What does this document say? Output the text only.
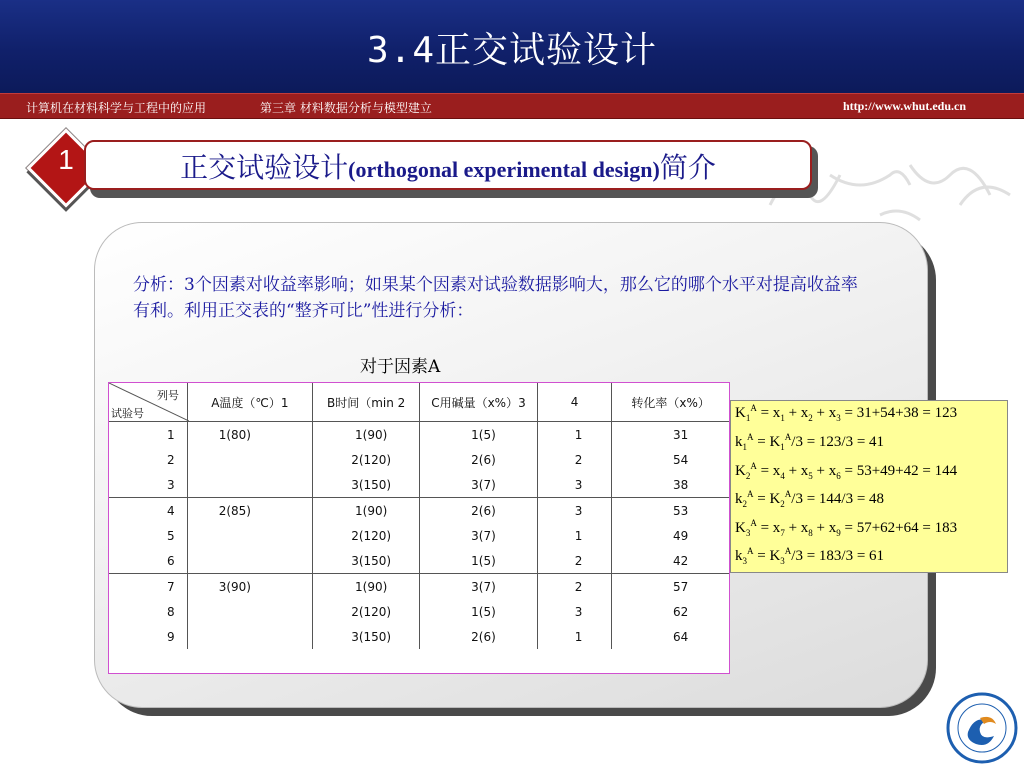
3.4正交试验设计
计算机在材料科学与工程中的应用	第三章 材料数据分析与模型建立	http://www.whut.edu.cn
1	正交试验设计(orthogonal experimental design)简介
分析：3个因素对收益率影响；如果某个因素对试验数据影响大，那么它的哪个水平对提高收益率有利。利用正交表的“整齐可比”性进行分析：
对于因素A
列号
试验号	A温度（℃）1	B时间（min 2	C用碱量（x%）3	4	转化率（x%）
1	1(80)	1(90)	1(5)	1	31
2		2(120)	2(6)	2	54
3		3(150)	3(7)	3	38
4	2(85)	1(90)	2(6)	3	53
5		2(120)	3(7)	1	49
6		3(150)	1(5)	2	42
7	3(90)	1(90)	3(7)	2	57
8		2(120)	1(5)	3	62
9		3(150)	2(6)	1	64
$K_1^A = x_1 + x_2 + x_3 = 31+54+38 = 123$
$k_1^A = K_1^A/3 = 123/3 = 41$
$K_2^A = x_4 + x_5 + x_6 = 53+49+42 = 144$
$k_2^A = K_2^A/3 = 144/3 = 48$
$K_3^A = x_7 + x_8 + x_9 = 57+62+64 = 183$
$k_3^A = K_3^A/3 = 183/3 = 61$
